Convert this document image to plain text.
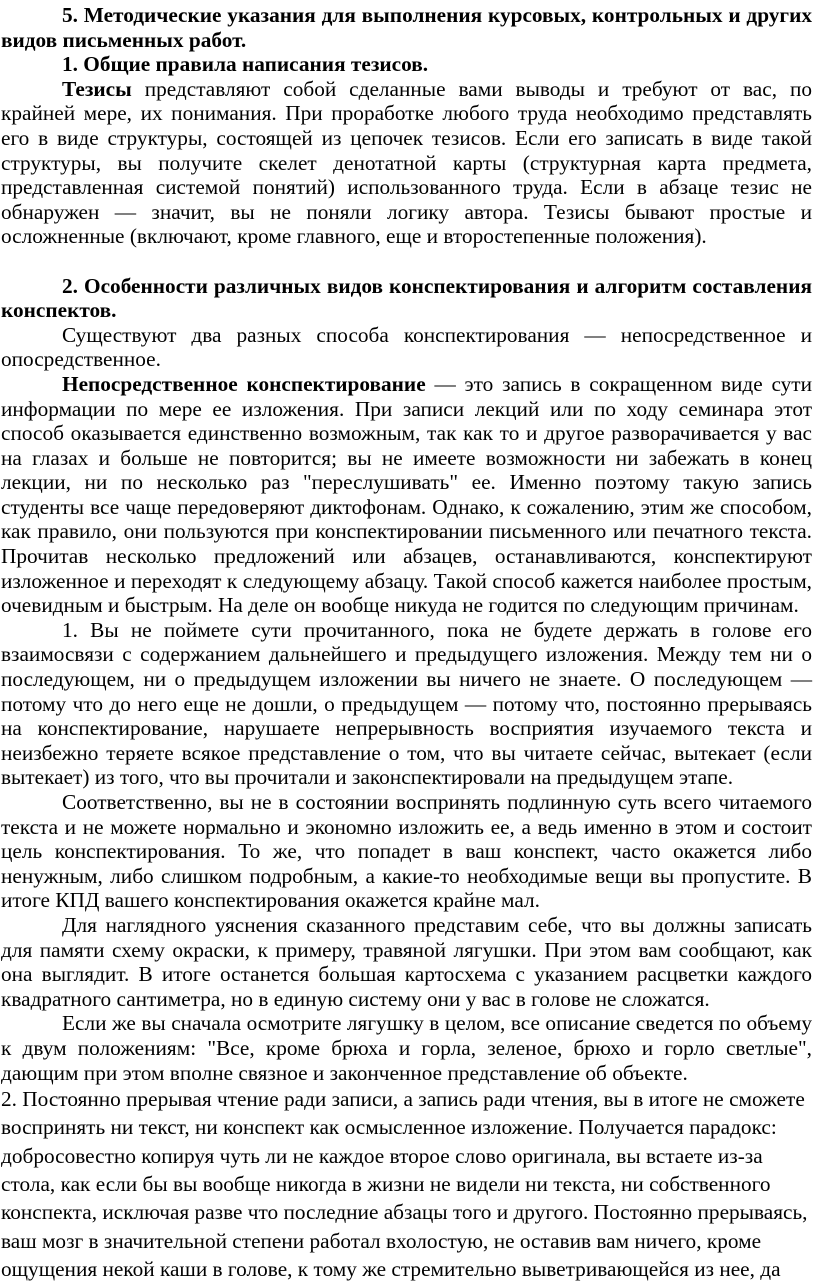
5. Методические указания для выполнения курсовых, контрольных и других видов письменных работ.

1. Общие правила написания тезисов.

Тезисы представляют собой сделанные вами выводы и требуют от вас, по крайней мере, их понимания. При проработке любого труда необходимо представлять его в виде структуры, состоящей из цепочек тезисов. Если его записать в виде такой структуры, вы получите скелет денотатной карты (структурная карта предмета, представленная системой понятий) использованного труда. Если в абзаце тезис не обнаружен — значит, вы не поняли логику автора. Тезисы бывают простые и осложненные (включают, кроме главного, еще и второстепенные положения).

2. Особенности различных видов конспектирования и алгоритм составления конспектов.

Существуют два разных способа конспектирования — непосредственное и опосредственное.

Непосредственное конспектирование — это запись в сокращенном виде сути информации по мере ее изложения. При записи лекций или по ходу семинара этот способ оказывается единственно возможным, так как то и другое разворачивается у вас на глазах и больше не повторится; вы не имеете возможности ни забежать в конец лекции, ни по несколько раз "переслушивать" ее. Именно поэтому такую запись студенты все чаще передоверяют диктофонам. Однако, к сожалению, этим же способом, как правило, они пользуются при конспектировании письменного или печатного текста. Прочитав несколько предложений или абзацев, останавливаются, конспектируют изложенное и переходят к следующему абзацу. Такой способ кажется наиболее простым, очевидным и быстрым. На деле он вообще никуда не годится по следующим причинам.

1. Вы не поймете сути прочитанного, пока не будете держать в голове его взаимосвязи с содержанием дальнейшего и предыдущего изложения. Между тем ни о последующем, ни о предыдущем изложении вы ничего не знаете. О последующем — потому что до него еще не дошли, о предыдущем — потому что, постоянно прерываясь на конспектирование, нарушаете непрерывность восприятия изучаемого текста и неизбежно теряете всякое представление о том, что вы читаете сейчас, вытекает (если вытекает) из того, что вы прочитали и законспектировали на предыдущем этапе.

Соответственно, вы не в состоянии воспринять подлинную суть всего читаемого текста и не можете нормально и экономно изложить ее, а ведь именно в этом и состоит цель конспектирования. То же, что попадет в ваш конспект, часто окажется либо ненужным, либо слишком подробным, а какие-то необходимые вещи вы пропустите. В итоге КПД вашего конспектирования окажется крайне мал.

Для наглядного уяснения сказанного представим себе, что вы должны записать для памяти схему окраски, к примеру, травяной лягушки. При этом вам сообщают, как она выглядит. В итоге останется большая картосхема с указанием расцветки каждого квадратного сантиметра, но в единую систему они у вас в голове не сложатся.

Если же вы сначала осмотрите лягушку в целом, все описание сведется по объему к двум положениям: "Все, кроме брюха и горла, зеленое, брюхо и горло светлые", дающим при этом вполне связное и законченное представление об объекте.

2. Постоянно прерывая чтение ради записи, а запись ради чтения, вы в итоге не сможете воспринять ни текст, ни конспект как осмысленное изложение. Получается парадокс: добросовестно копируя чуть ли не каждое второе слово оригинала, вы встаете из-за стола, как если бы вы вообще никогда в жизни не видели ни текста, ни собственного конспекта, исключая разве что последние абзацы того и другого. Постоянно прерываясь, ваш мозг в значительной степени работал вхолостую, не оставив вам ничего, кроме ощущения некой каши в голове, к тому же стремительно выветривающейся из нее, да
